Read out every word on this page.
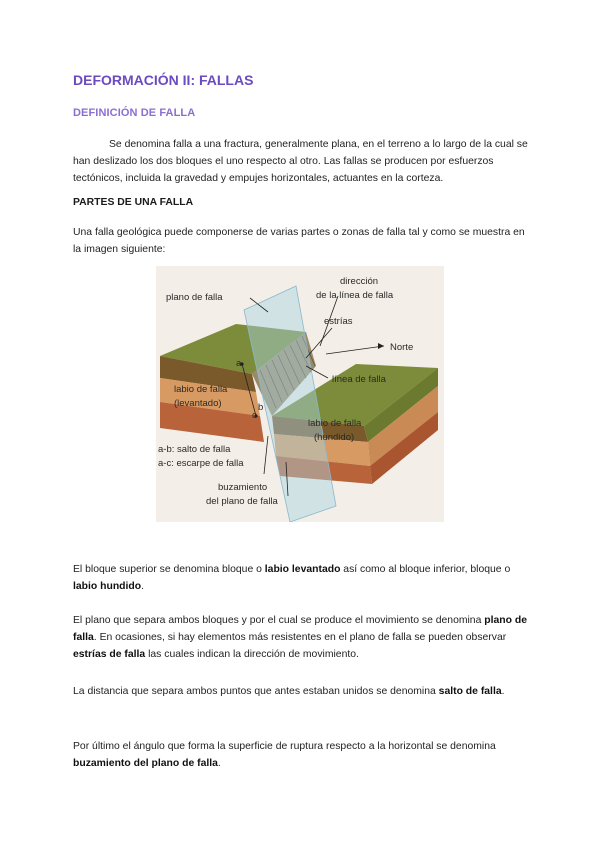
DEFORMACIÓN II: FALLAS
DEFINICIÓN DE FALLA

Se denomina falla a una fractura, generalmente plana, en el terreno a lo largo de la cual se han deslizado los dos bloques el uno respecto al otro. Las fallas se producen por esfuerzos tectónicos, incluida la gravedad y empujes horizontales, actuantes en la corteza.

PARTES DE UNA FALLA

Una falla geológica puede componerse de varias partes o zonas de falla tal y como se muestra en la imagen siguiente:

plano de falla
dirección
de la línea de falla
estrías
Norte
línea de falla
labio de falla
(levantado)
labio de falla
(hundido)
a-b: salto de falla
a-c: escarpe de falla
buzamiento
del plano de falla
a
b
c

El bloque superior se denomina bloque o labio levantado así como al bloque inferior, bloque o labio hundido.

El plano que separa ambos bloques y por el cual se produce el movimiento se denomina plano de falla. En ocasiones, si hay elementos más resistentes en el plano de falla se pueden observar estrías de falla las cuales indican la dirección de movimiento.

La distancia que separa ambos puntos que antes estaban unidos se denomina salto de falla.

Por último el ángulo que forma la superficie de ruptura respecto a la horizontal se denomina buzamiento del plano de falla.
